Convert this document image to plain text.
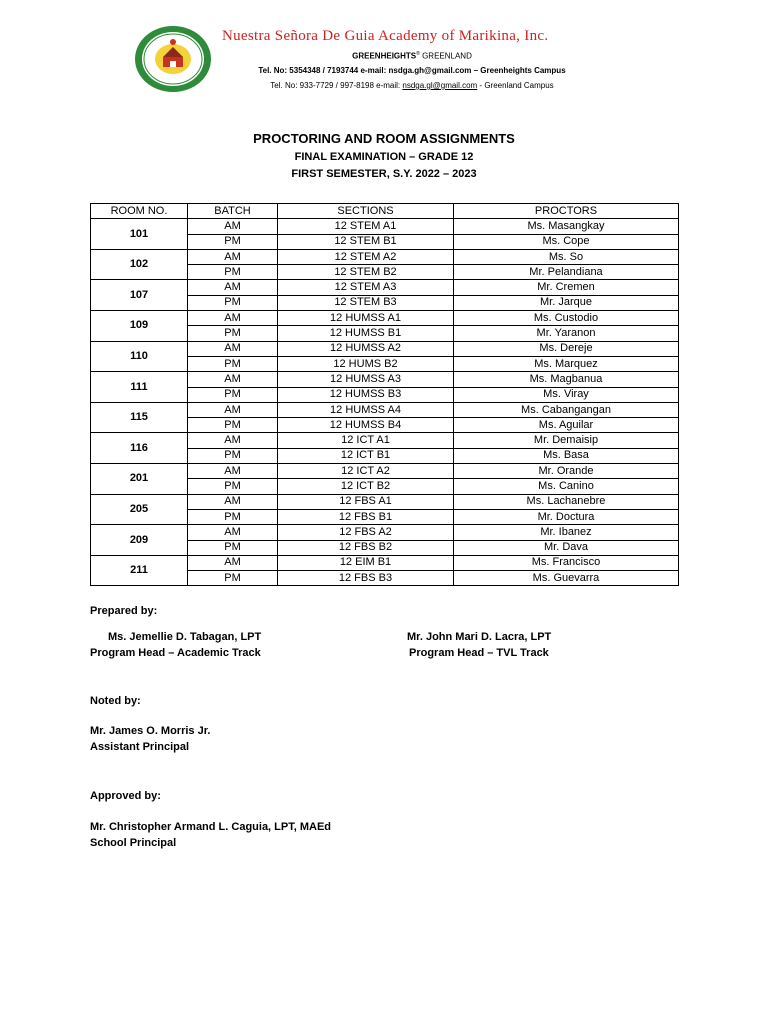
Nuestra Señora De Guia Academy of Marikina, Inc.
GREENHEIGHTS® GREENLAND
Tel. No: 5354348 / 7193744 e-mail: nsdga.gh@gmail.com – Greenheights Campus
Tel. No: 933-7729 / 997-8198 e-mail: nsdga.gl@gmail.com - Greenland Campus
PROCTORING AND ROOM ASSIGNMENTS
FINAL EXAMINATION – GRADE 12
FIRST SEMESTER, S.Y. 2022 – 2023
ROOM NO.	BATCH	SECTIONS	PROCTORS
101	AM	12 STEM A1	Ms. Masangkay
	PM	12 STEM B1	Ms. Cope
102	AM	12 STEM A2	Ms. So
	PM	12 STEM B2	Mr. Pelandiana
107	AM	12 STEM A3	Mr. Cremen
	PM	12 STEM B3	Mr. Jarque
109	AM	12 HUMSS A1	Ms. Custodio
	PM	12 HUMSS B1	Mr. Yaranon
110	AM	12 HUMSS A2	Ms. Dereje
	PM	12 HUMS B2	Ms. Marquez
111	AM	12 HUMSS A3	Ms. Magbanua
	PM	12 HUMSS B3	Ms. Viray
115	AM	12 HUMSS A4	Ms. Cabangangan
	PM	12 HUMSS B4	Ms. Aguilar
116	AM	12 ICT A1	Mr. Demaisip
	PM	12 ICT B1	Ms. Basa
201	AM	12 ICT A2	Mr. Orande
	PM	12 ICT B2	Ms. Canino
205	AM	12 FBS A1	Ms. Lachanebre
	PM	12 FBS B1	Mr. Doctura
209	AM	12 FBS A2	Mr. Ibanez
	PM	12 FBS B2	Mr. Dava
211	AM	12 EIM B1	Ms. Francisco
	PM	12 FBS B3	Ms. Guevarra
Prepared by:
Ms. Jemellie D. Tabagan, LPT
Program Head – Academic Track
Mr. John Mari D. Lacra, LPT
Program Head – TVL Track
Noted by:
Mr. James O. Morris Jr.
Assistant Principal
Approved by:
Mr. Christopher Armand L. Caguia, LPT, MAEd
School Principal
